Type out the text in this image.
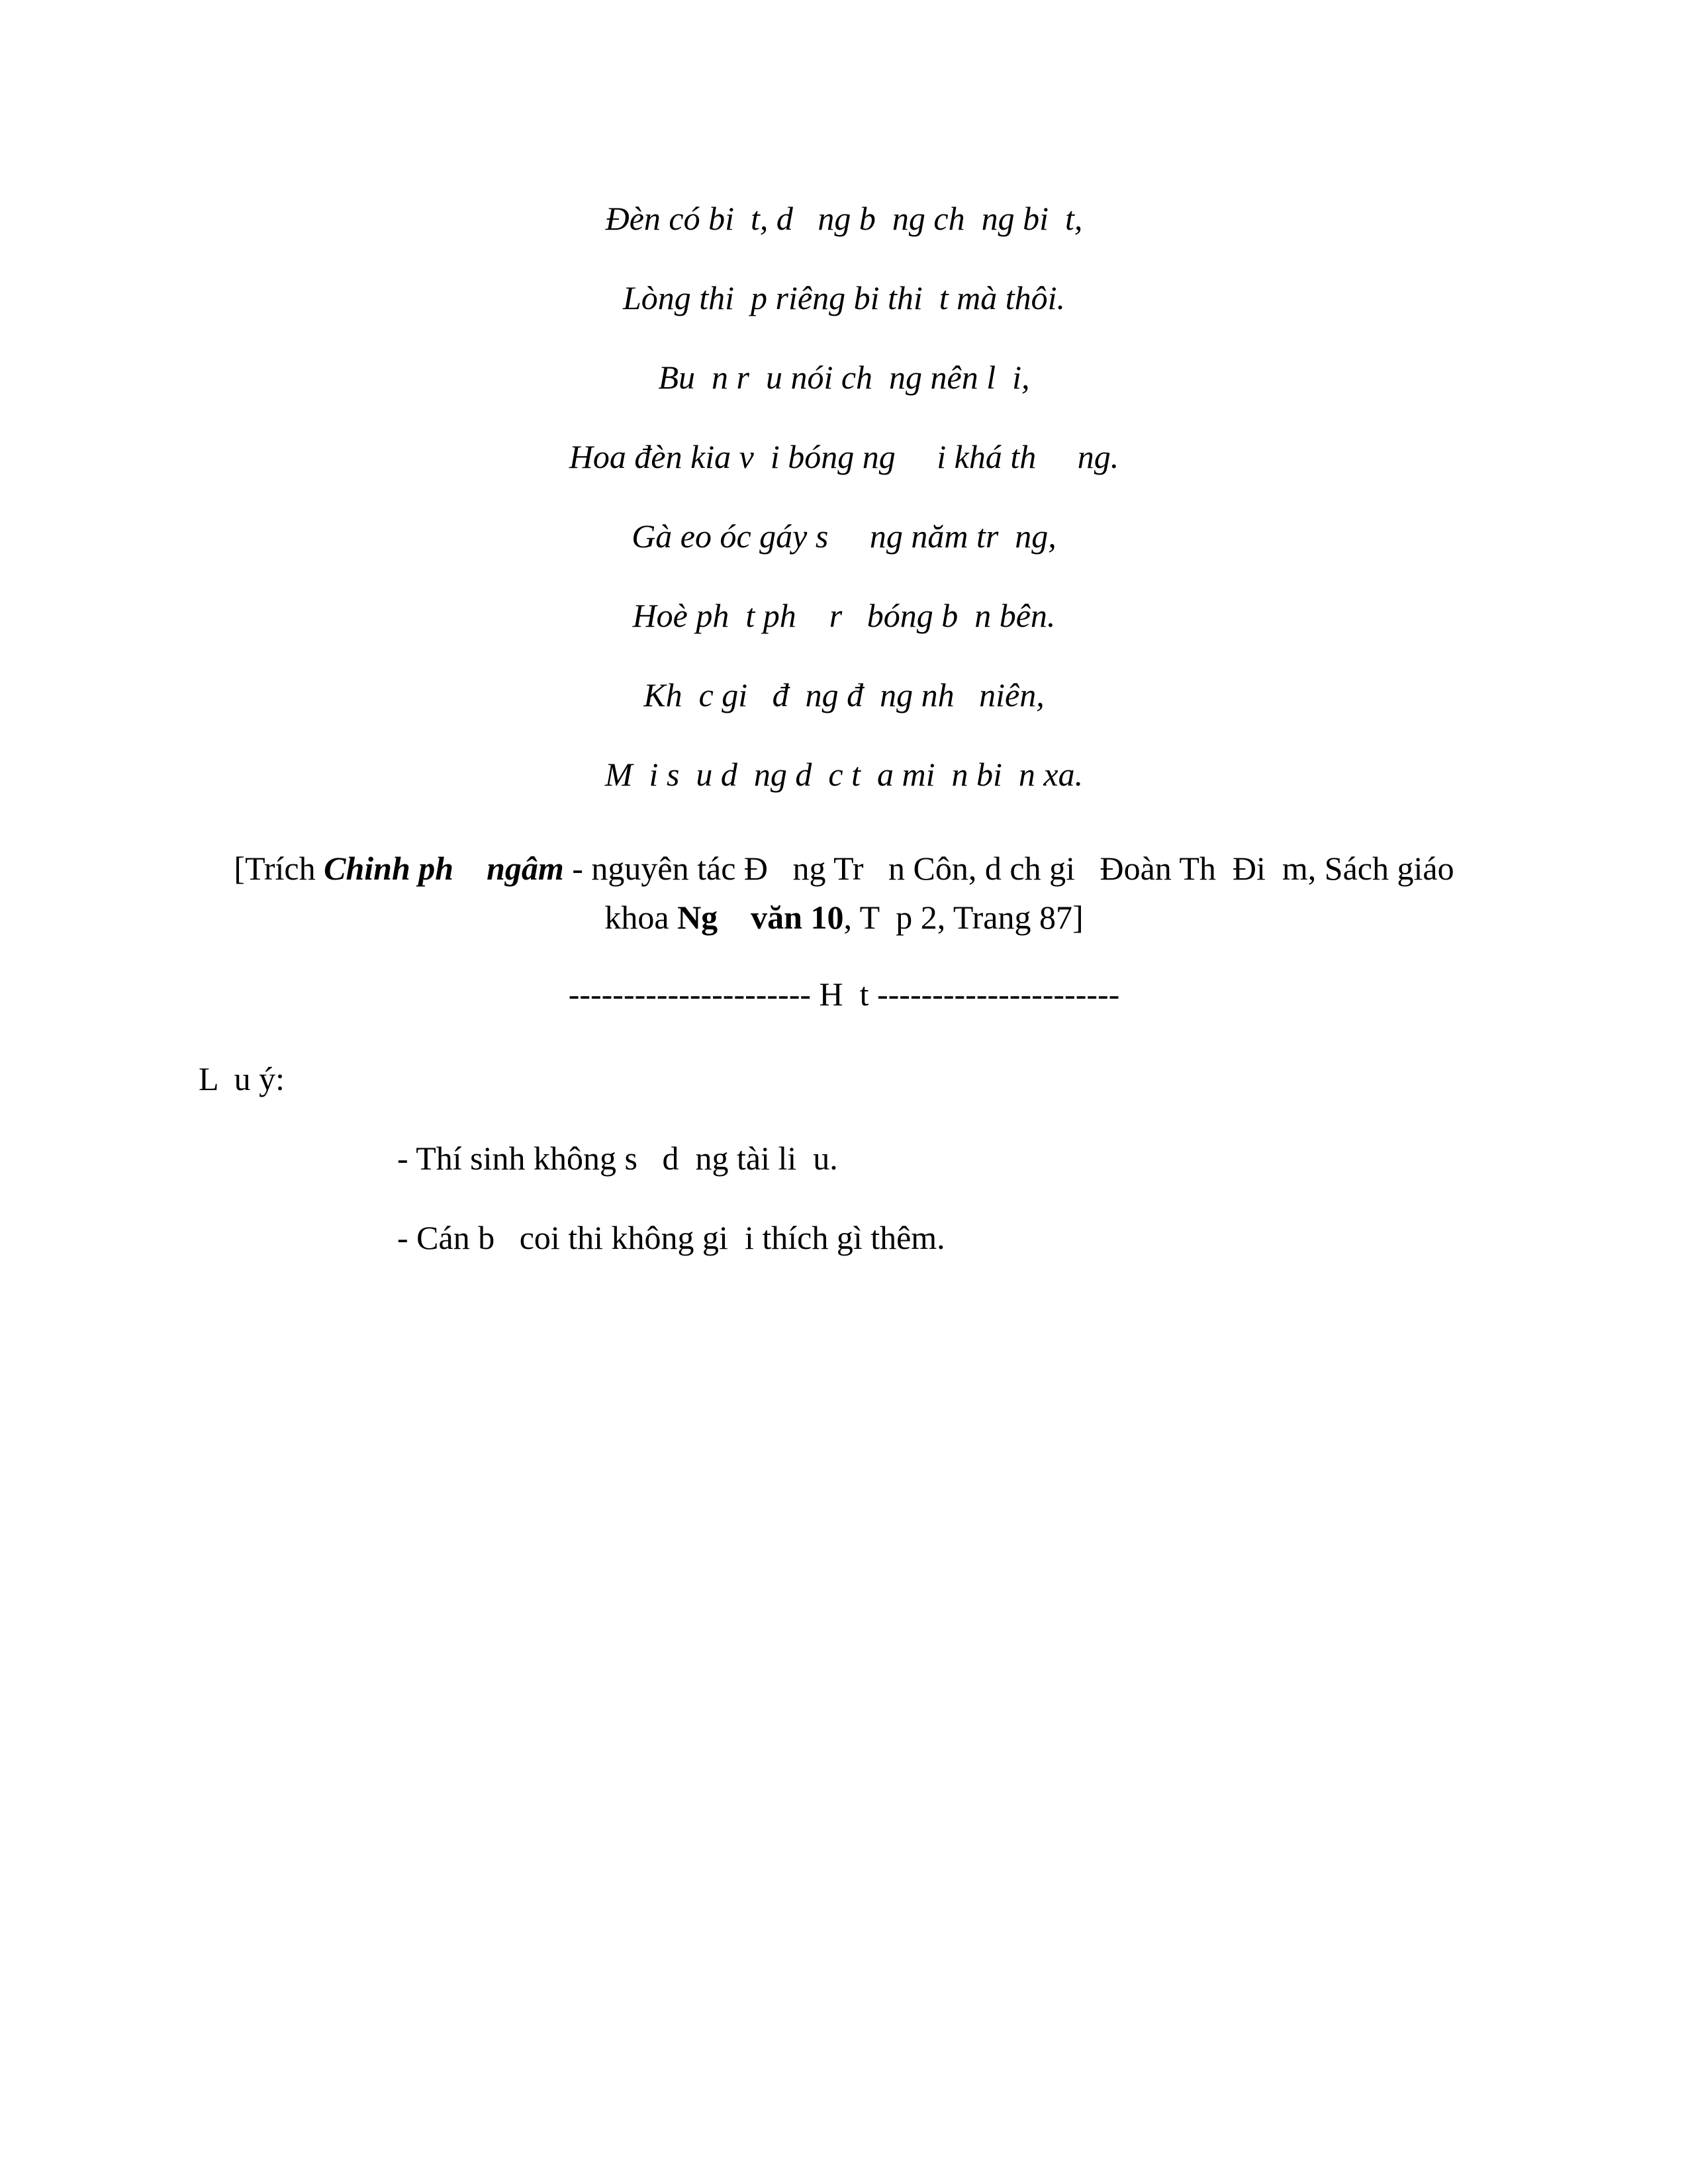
Đèn có bi  t, d   ng b  ng ch  ng bi  t,
Lòng thi  p riêng bi thi  t mà thôi.
Bu  n r  u nói ch  ng nên l  i,
Hoa đèn kia v  i bóng ng     i khá th     ng.
Gà eo óc gáy s     ng năm tr  ng,
Hoè ph  t ph    r   bóng b  n bên.
Kh  c gi   đ  ng đ  ng nh   niên,
M  i s  u d  ng d  c t  a mi  n bi  n xa.
[Trích Chinh ph    ngâm - nguyên tác Đ   ng Tr   n Côn, d ch gi   Đoàn Th  Đi  m, Sách giáo khoa Ng    văn 10, T  p 2, Trang 87]
---------------------- H  t ----------------------
L  u ý:
- Thí sinh không s   d  ng tài li  u.
- Cán b   coi thi không gi  i thích gì thêm.
